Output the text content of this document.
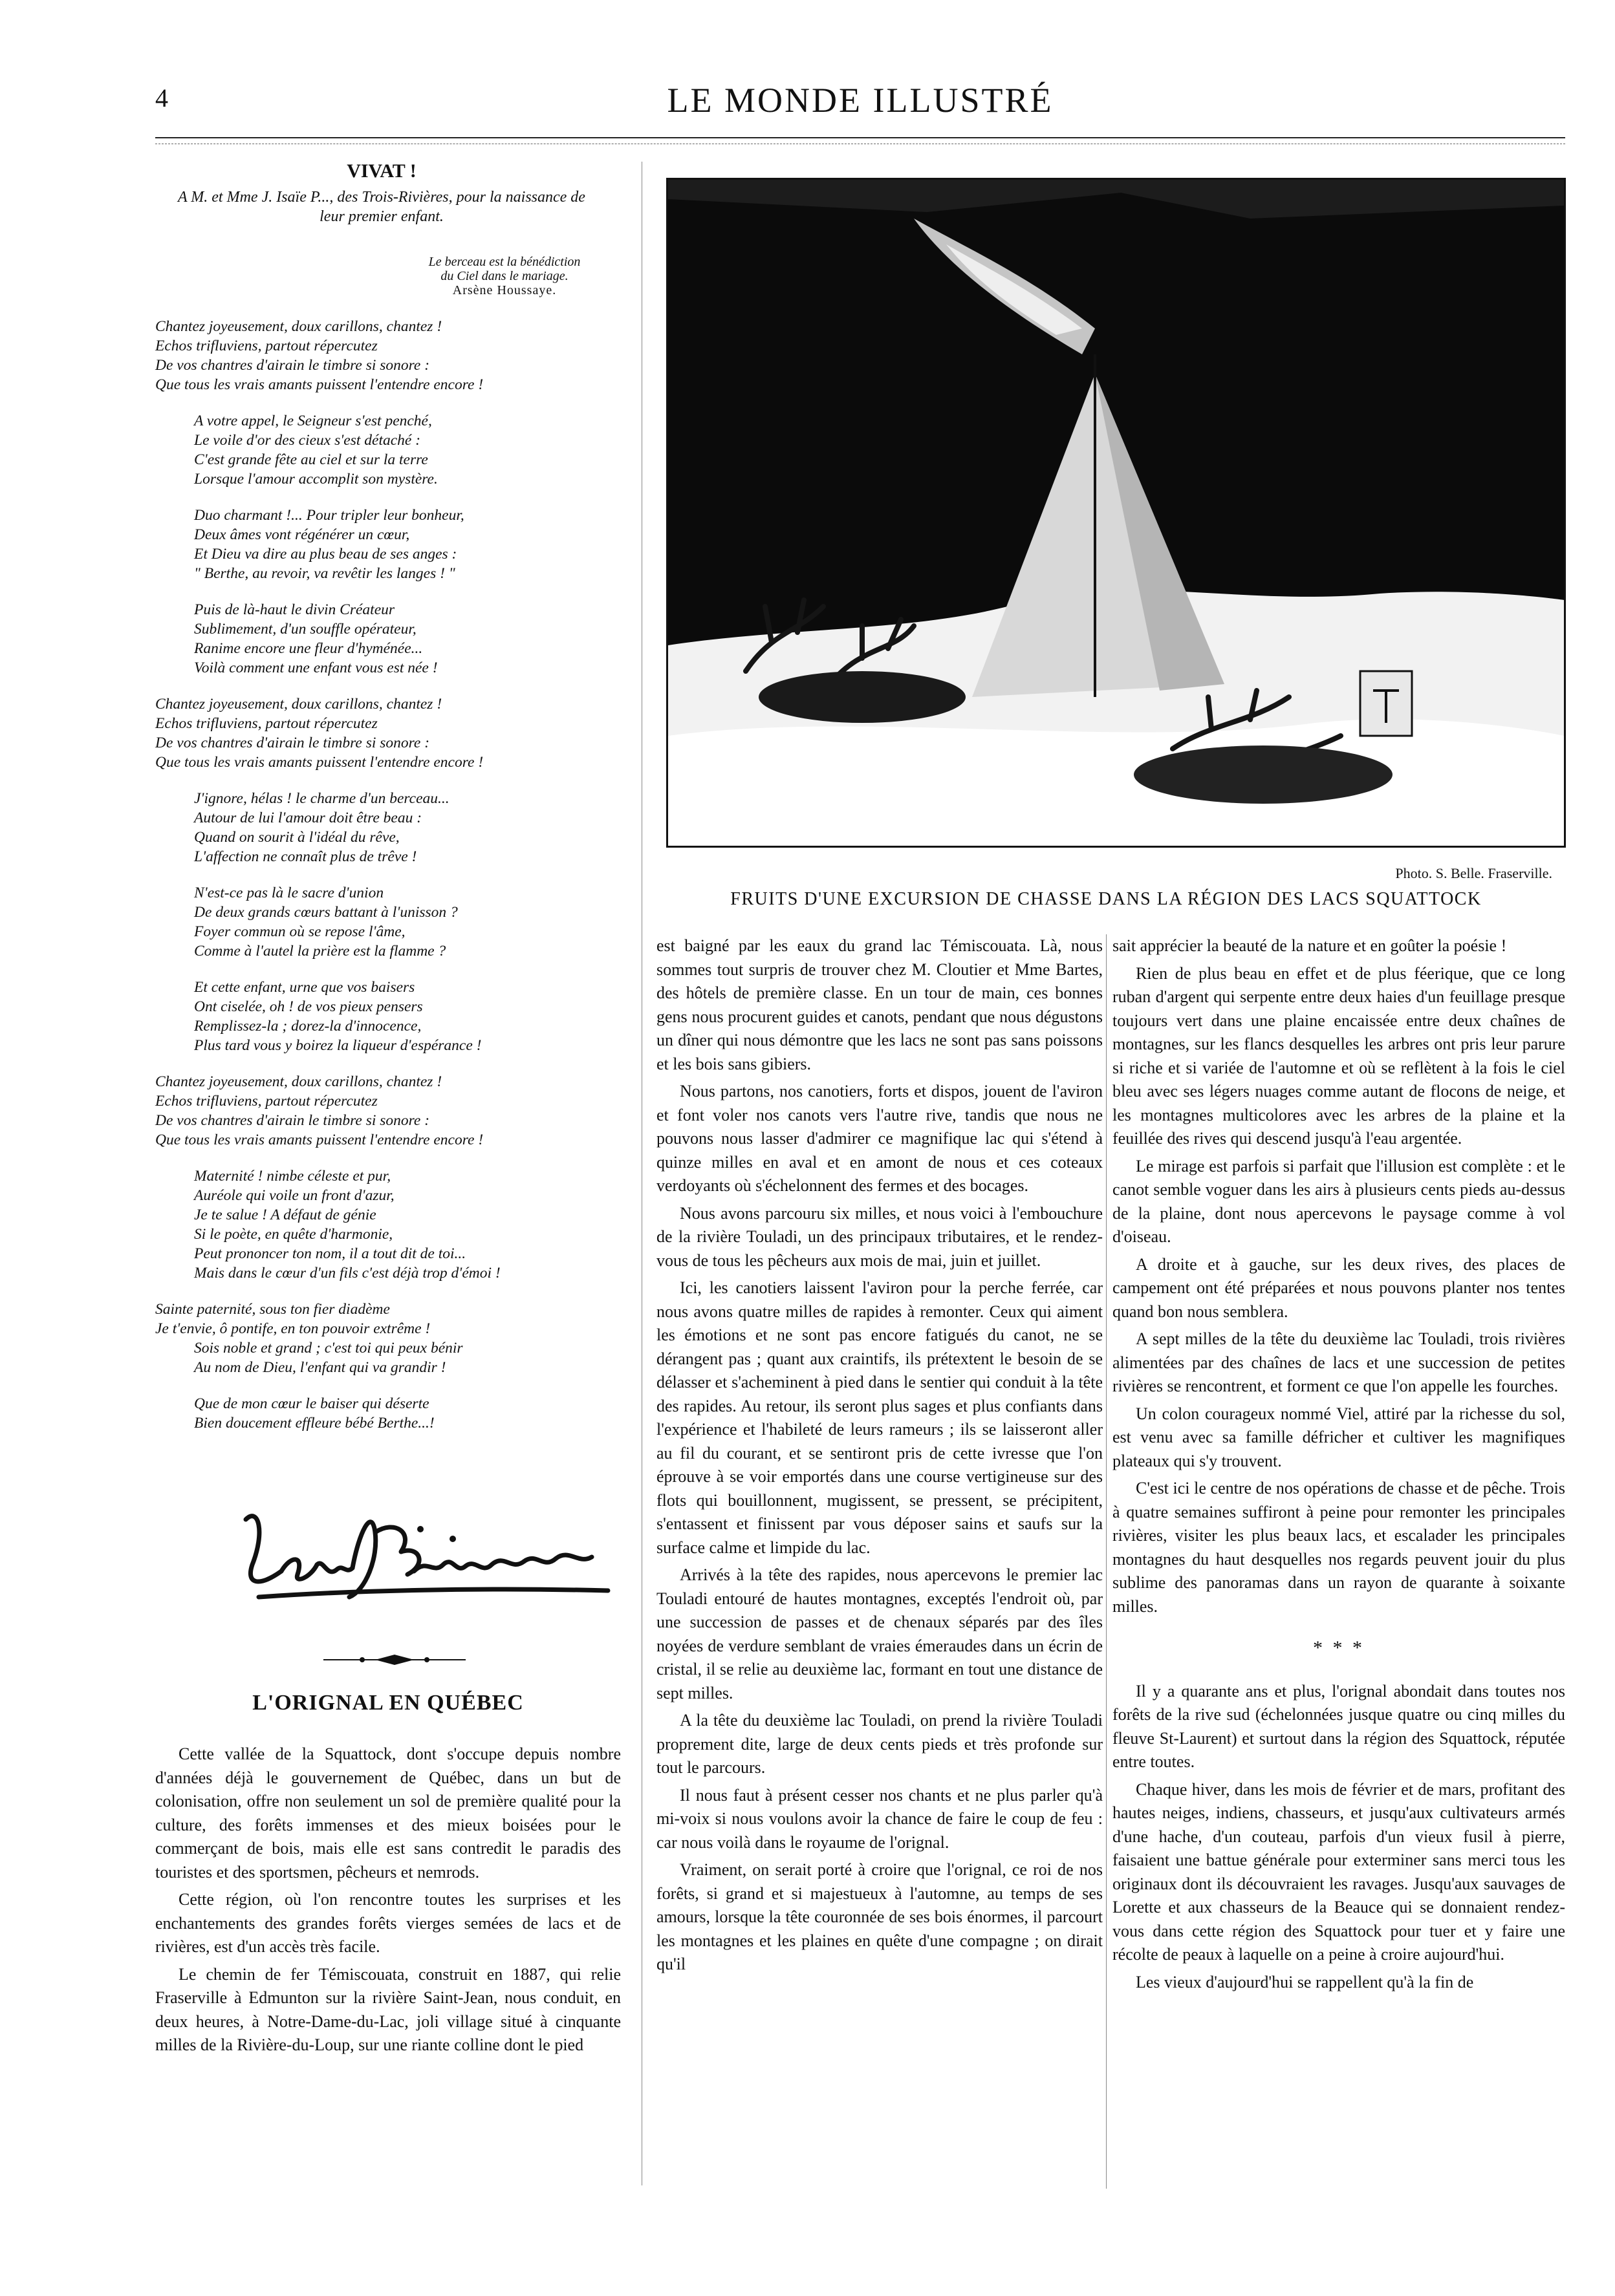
4	LE MONDE ILLUSTRÉ
VIVAT !
A M. et Mme J. Isaïe P..., des Trois-Rivières, pour la naissance de leur premier enfant.
Le berceau est la bénédiction
du Ciel dans le mariage.
Arsène Houssaye.
Chantez joyeusement, doux carillons, chantez !
Echos trifluviens, partout répercutez
De vos chantres d'airain le timbre si sonore :
Que tous les vrais amants puissent l'entendre encore !
A votre appel, le Seigneur s'est penché,
Le voile d'or des cieux s'est détaché :
C'est grande fête au ciel et sur la terre
Lorsque l'amour accomplit son mystère.
Duo charmant !... Pour tripler leur bonheur,
Deux âmes vont régénérer un cœur,
Et Dieu va dire au plus beau de ses anges :
" Berthe, au revoir, va revêtir les langes ! "
Puis de là-haut le divin Créateur
Sublimement, d'un souffle opérateur,
Ranime encore une fleur d'hyménée...
Voilà comment une enfant vous est née !
Chantez joyeusement, doux carillons, chantez !
Echos trifluviens, partout répercutez
De vos chantres d'airain le timbre si sonore :
Que tous les vrais amants puissent l'entendre encore !
J'ignore, hélas ! le charme d'un berceau...
Autour de lui l'amour doit être beau :
Quand on sourit à l'idéal du rêve,
L'affection ne connaît plus de trêve !
N'est-ce pas là le sacre d'union
De deux grands cœurs battant à l'unisson ?
Foyer commun où se repose l'âme,
Comme à l'autel la prière est la flamme ?
Et cette enfant, urne que vos baisers
Ont ciselée, oh ! de vos pieux pensers
Remplissez-la ; dorez-la d'innocence,
Plus tard vous y boirez la liqueur d'espérance !
Chantez joyeusement, doux carillons, chantez !
Echos trifluviens, partout répercutez
De vos chantres d'airain le timbre si sonore :
Que tous les vrais amants puissent l'entendre encore !
Maternité ! nimbe céleste et pur,
Auréole qui voile un front d'azur,
Je te salue ! A défaut de génie
Si le poète, en quête d'harmonie,
Peut prononcer ton nom, il a tout dit de toi...
Mais dans le cœur d'un fils c'est déjà trop d'émoi !
Sainte paternité, sous ton fier diadème
Je t'envie, ô pontife, en ton pouvoir extrême !
Sois noble et grand ; c'est toi qui peux bénir
Au nom de Dieu, l'enfant qui va grandir !
Que de mon cœur le baiser qui déserte
Bien doucement effleure bébé Berthe...!
L'ORIGNAL EN QUÉBEC

Cette vallée de la Squattock, dont s'occupe depuis nombre d'années déjà le gouvernement de Québec, dans un but de colonisation, offre non seulement un sol de première qualité pour la culture, des forêts immenses et des mieux boisées pour le commerçant de bois, mais elle est sans contredit le paradis des touristes et des sportsmen, pêcheurs et nemrods.

Cette région, où l'on rencontre toutes les surprises et les enchantements des grandes forêts vierges semées de lacs et de rivières, est d'un accès très facile.

Le chemin de fer Témiscouata, construit en 1887, qui relie Fraserville à Edmunton sur la rivière Saint-Jean, nous conduit, en deux heures, à Notre-Dame-du-Lac, joli village situé à cinquante milles de la Rivière-du-Loup, sur une riante colline dont le pied

est baigné par les eaux du grand lac Témiscouata. Là, nous sommes tout surpris de trouver chez M. Cloutier et Mme Bartes, des hôtels de première classe. En un tour de main, ces bonnes gens nous procurent guides et canots, pendant que nous dégustons un dîner qui nous démontre que les lacs ne sont pas sans poissons et les bois sans gibiers.

Nous partons, nos canotiers, forts et dispos, jouent de l'aviron et font voler nos canots vers l'autre rive, tandis que nous ne pouvons nous lasser d'admirer ce magnifique lac qui s'étend à quinze milles en aval et en amont de nous et ces coteaux verdoyants où s'échelonnent des fermes et des bocages.

Nous avons parcouru six milles, et nous voici à l'embouchure de la rivière Touladi, un des principaux tributaires, et le rendez-vous de tous les pêcheurs aux mois de mai, juin et juillet.

Ici, les canotiers laissent l'aviron pour la perche ferrée, car nous avons quatre milles de rapides à remonter. Ceux qui aiment les émotions et ne sont pas encore fatigués du canot, ne se dérangent pas ; quant aux craintifs, ils prétextent le besoin de se délasser et s'acheminent à pied dans le sentier qui conduit à la tête des rapides. Au retour, ils seront plus sages et plus confiants dans l'expérience et l'habileté de leurs rameurs ; ils se laisseront aller au fil du courant, et se sentiront pris de cette ivresse que l'on éprouve à se voir emportés dans une course vertigineuse sur des flots qui bouillonnent, mugissent, se pressent, se précipitent, s'entassent et finissent par vous déposer sains et saufs sur la surface calme et limpide du lac.

Arrivés à la tête des rapides, nous apercevons le premier lac Touladi entouré de hautes montagnes, exceptés l'endroit où, par une succession de passes et de chenaux séparés par des îles noyées de verdure semblant de vraies émeraudes dans un écrin de cristal, il se relie au deuxième lac, formant en tout une distance de sept milles.

A la tête du deuxième lac Touladi, on prend la rivière Touladi proprement dite, large de deux cents pieds et très profonde sur tout le parcours.

Il nous faut à présent cesser nos chants et ne plus parler qu'à mi-voix si nous voulons avoir la chance de faire le coup de feu : car nous voilà dans le royaume de l'orignal.

Vraiment, on serait porté à croire que l'orignal, ce roi de nos forêts, si grand et si majestueux à l'automne, au temps de ses amours, lorsque la tête couronnée de ses bois énormes, il parcourt les montagnes et les plaines en quête d'une compagne ; on dirait qu'il

sait apprécier la beauté de la nature et en goûter la poésie !

Rien de plus beau en effet et de plus féerique, que ce long ruban d'argent qui serpente entre deux haies d'un feuillage presque toujours vert dans une plaine encaissée entre deux chaînes de montagnes, sur les flancs desquelles les arbres ont pris leur parure si riche et si variée de l'automne et où se reflètent à la fois le ciel bleu avec ses légers nuages comme autant de flocons de neige, et les montagnes multicolores avec les arbres de la plaine et la feuillée des rives qui descend jusqu'à l'eau argentée.

Le mirage est parfois si parfait que l'illusion est complète : et le canot semble voguer dans les airs à plusieurs cents pieds au-dessus de la plaine, dont nous apercevons le paysage comme à vol d'oiseau.

A droite et à gauche, sur les deux rives, des places de campement ont été préparées et nous pouvons planter nos tentes quand bon nous semblera.

A sept milles de la tête du deuxième lac Touladi, trois rivières alimentées par des chaînes de lacs et une succession de petites rivières se rencontrent, et forment ce que l'on appelle les fourches.

Un colon courageux nommé Viel, attiré par la richesse du sol, est venu avec sa famille défricher et cultiver les magnifiques plateaux qui s'y trouvent.

C'est ici le centre de nos opérations de chasse et de pêche. Trois à quatre semaines suffiront à peine pour remonter les principales rivières, visiter les plus beaux lacs, et escalader les principales montagnes du haut desquelles nos regards peuvent jouir du plus sublime des panoramas dans un rayon de quarante à soixante milles.

* * *

Il y a quarante ans et plus, l'orignal abondait dans toutes nos forêts de la rive sud (échelonnées jusque quatre ou cinq milles du fleuve St-Laurent) et surtout dans la région des Squattock, réputée entre toutes.

Chaque hiver, dans les mois de février et de mars, profitant des hautes neiges, indiens, chasseurs, et jusqu'aux cultivateurs armés d'une hache, d'un couteau, parfois d'un vieux fusil à pierre, faisaient une battue générale pour exterminer sans merci tous les originaux dont ils découvraient les ravages. Jusqu'aux sauvages de Lorette et aux chasseurs de la Beauce qui se donnaient rendez-vous dans cette région des Squattock pour tuer et y faire une récolte de peaux à laquelle on a peine à croire aujourd'hui.

Les vieux d'aujourd'hui se rappellent qu'à la fin de

Photo. S. Belle. Fraserville.
FRUITS D'UNE EXCURSION DE CHASSE DANS LA RÉGION DES LACS SQUATTOCK
